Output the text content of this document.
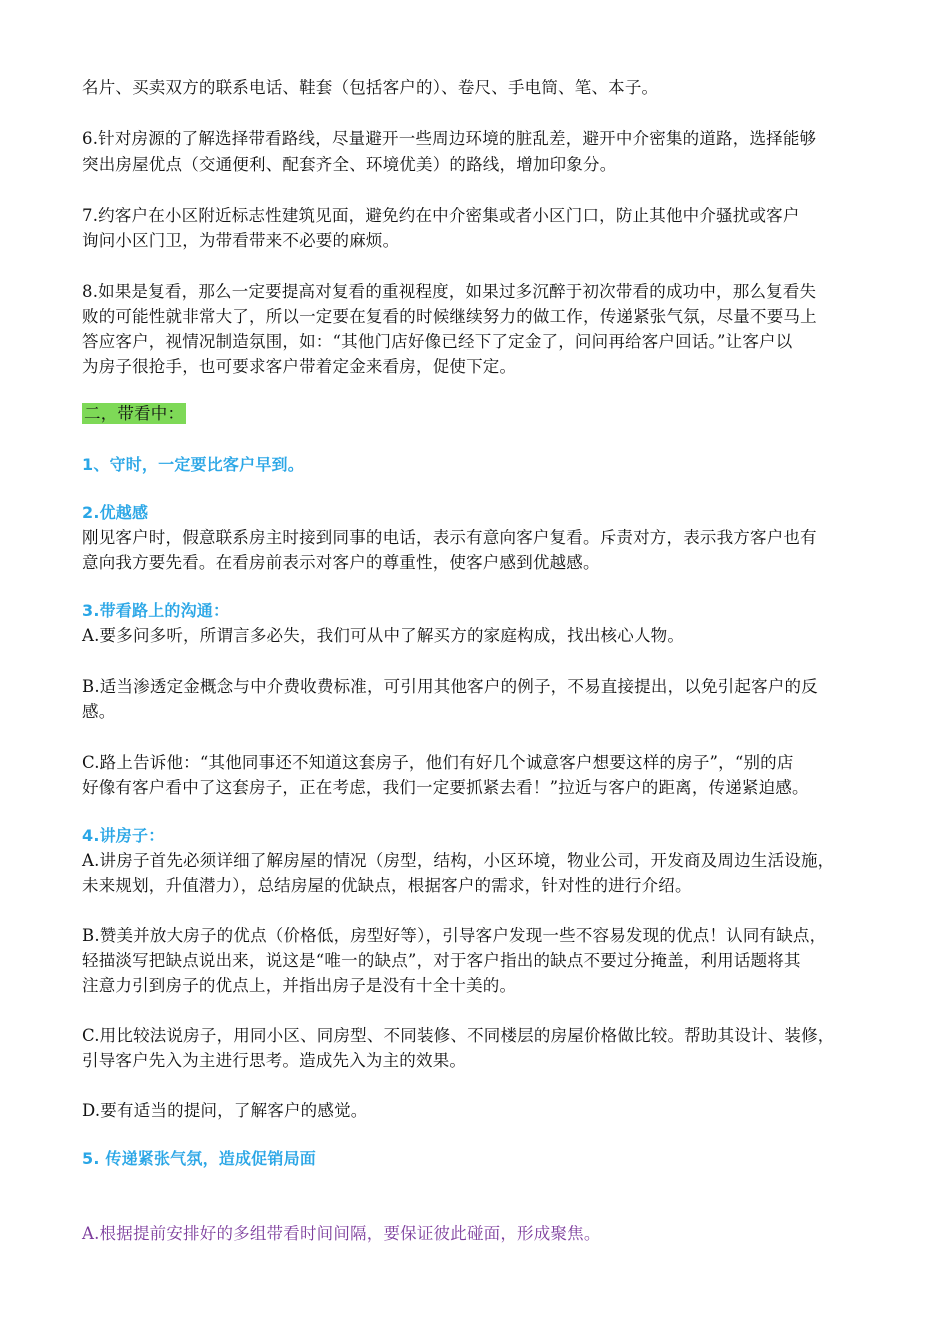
名片、买卖双方的联系电话、鞋套（包括客户的）、卷尺、手电筒、笔、本子。
6.针对房源的了解选择带看路线，尽量避开一些周边环境的脏乱差，避开中介密集的道路，选择能够
突出房屋优点（交通便利、配套齐全、环境优美）的路线，增加印象分。
7.约客户在小区附近标志性建筑见面，避免约在中介密集或者小区门口，防止其他中介骚扰或客户
询问小区门卫，为带看带来不必要的麻烦。
8.如果是复看，那么一定要提高对复看的重视程度，如果过多沉醉于初次带看的成功中，那么复看失
败的可能性就非常大了，所以一定要在复看的时候继续努力的做工作，传递紧张气氛，尽量不要马上
答应客户，视情况制造氛围，如：“其他门店好像已经下了定金了，问问再给客户回话。”让客户以
为房子很抢手，也可要求客户带着定金来看房，促使下定。
二，带看中：
1、守时，一定要比客户早到。
2.优越感
刚见客户时，假意联系房主时接到同事的电话，表示有意向客户复看。斥责对方，表示我方客户也有
意向我方要先看。在看房前表示对客户的尊重性，使客户感到优越感。
3.带看路上的沟通：
A.要多问多听，所谓言多必失，我们可从中了解买方的家庭构成，找出核心人物。
B.适当渗透定金概念与中介费收费标准，可引用其他客户的例子，不易直接提出，以免引起客户的反
感。
C.路上告诉他：“其他同事还不知道这套房子，他们有好几个诚意客户想要这样的房子”，“别的店
好像有客户看中了这套房子，正在考虑，我们一定要抓紧去看！”拉近与客户的距离，传递紧迫感。
4.讲房子：
A.讲房子首先必须详细了解房屋的情况（房型，结构，小区环境，物业公司，开发商及周边生活设施，
未来规划，升值潜力），总结房屋的优缺点，根据客户的需求，针对性的进行介绍。
B.赞美并放大房子的优点（价格低，房型好等），引导客户发现一些不容易发现的优点！认同有缺点，
轻描淡写把缺点说出来，说这是“唯一的缺点”，对于客户指出的缺点不要过分掩盖，利用话题将其
注意力引到房子的优点上，并指出房子是没有十全十美的。
C.用比较法说房子，用同小区、同房型、不同装修、不同楼层的房屋价格做比较。帮助其设计、装修，
引导客户先入为主进行思考。造成先入为主的效果。
D.要有适当的提问，了解客户的感觉。
5. 传递紧张气氛，造成促销局面
A.根据提前安排好的多组带看时间间隔，要保证彼此碰面，形成聚焦。
